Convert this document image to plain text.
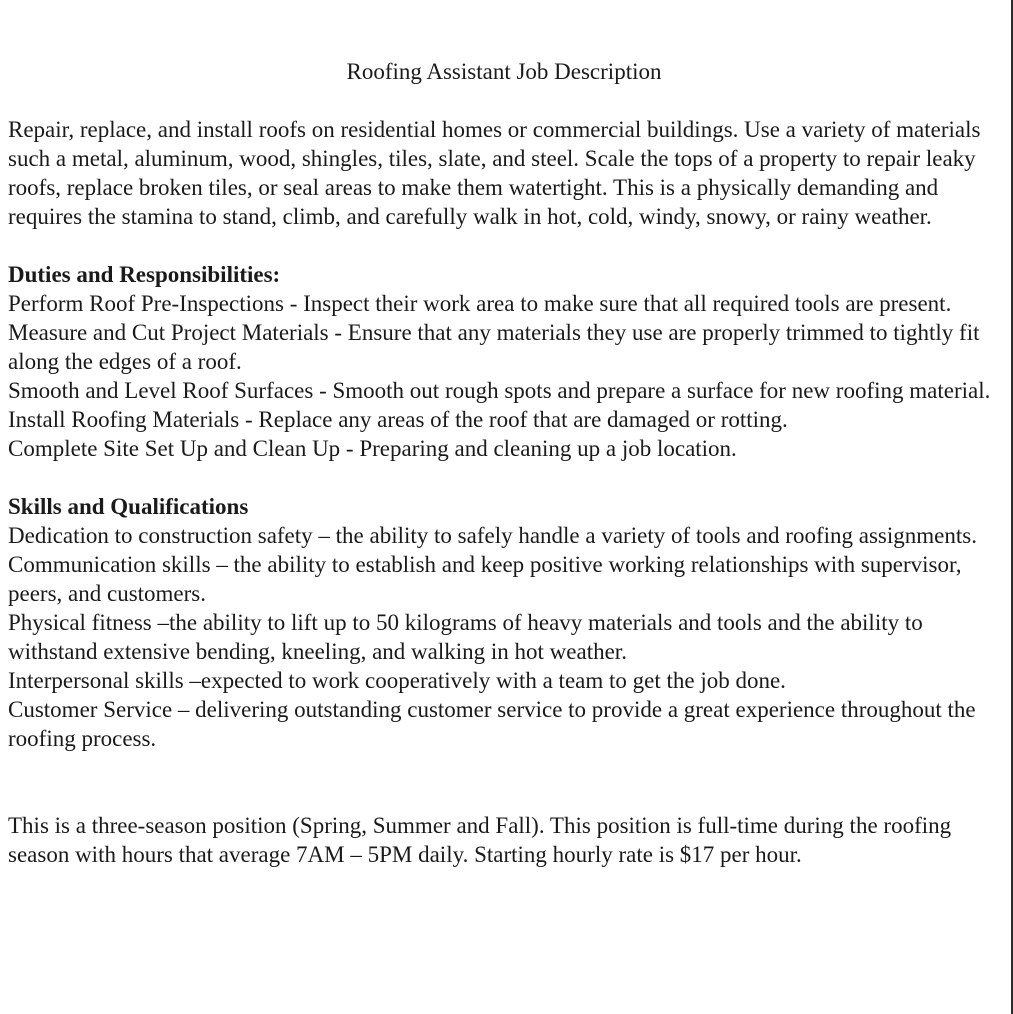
Roofing Assistant Job Description

Repair, replace, and install roofs on residential homes or commercial buildings. Use a variety of materials such a metal, aluminum, wood, shingles, tiles, slate, and steel. Scale the tops of a property to repair leaky roofs, replace broken tiles, or seal areas to make them watertight. This is a physically demanding and requires the stamina to stand, climb, and carefully walk in hot, cold, windy, snowy, or rainy weather.

Duties and Responsibilities:

Perform Roof Pre-Inspections - Inspect their work area to make sure that all required tools are present.

Measure and Cut Project Materials - Ensure that any materials they use are properly trimmed to tightly fit along the edges of a roof.

Smooth and Level Roof Surfaces - Smooth out rough spots and prepare a surface for new roofing material.

Install Roofing Materials - Replace any areas of the roof that are damaged or rotting.

Complete Site Set Up and Clean Up - Preparing and cleaning up a job location.

Skills and Qualifications

Dedication to construction safety – the ability to safely handle a variety of tools and roofing assignments.

Communication skills – the ability to establish and keep positive working relationships with supervisor, peers, and customers.

Physical fitness –the ability to lift up to 50 kilograms of heavy materials and tools and the ability to withstand extensive bending, kneeling, and walking in hot weather.

Interpersonal skills –expected to work cooperatively with a team to get the job done.

Customer Service – delivering outstanding customer service to provide a great experience throughout the roofing process.

This is a three-season position (Spring, Summer and Fall). This position is full-time during the roofing season with hours that average 7AM – 5PM daily. Starting hourly rate is $17 per hour.
